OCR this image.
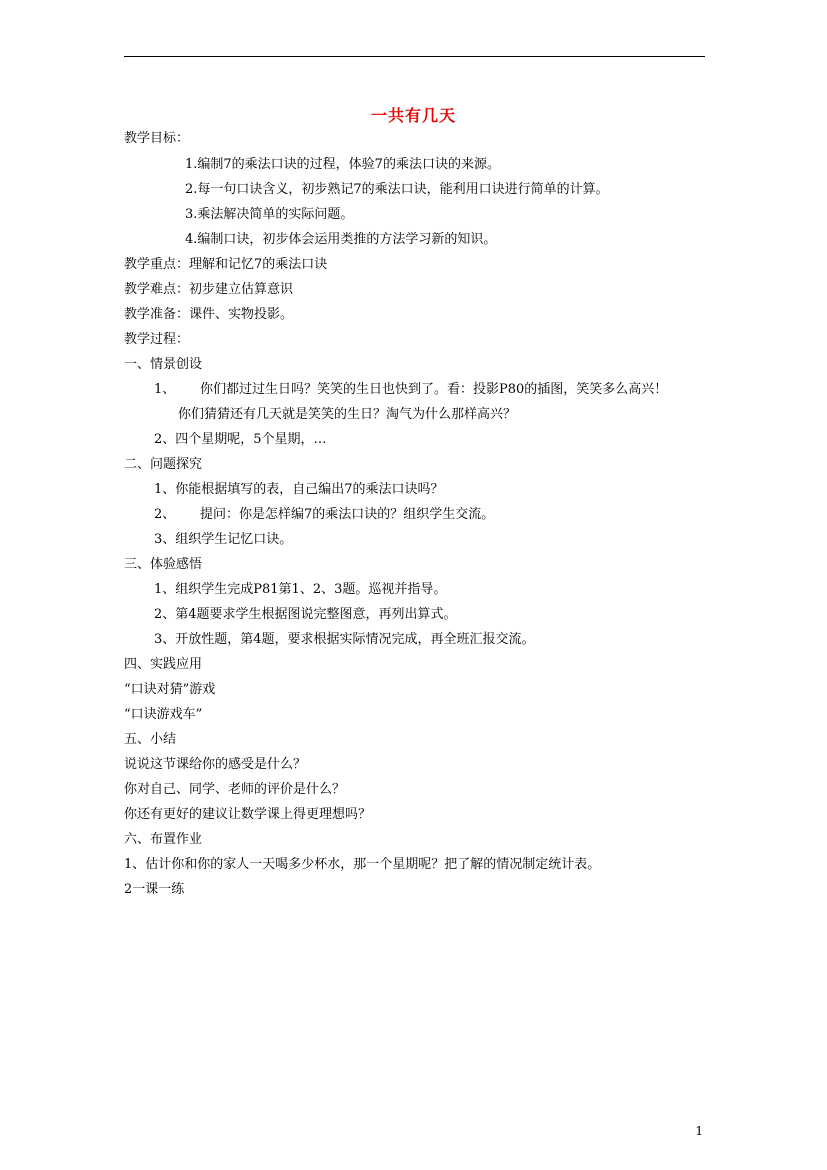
一共有几天
教学目标：
1.编制7的乘法口诀的过程，体验7的乘法口诀的来源。
2.每一句口诀含义，初步熟记7的乘法口诀，能利用口诀进行简单的计算。
3.乘法解决简单的实际问题。
4.编制口诀，初步体会运用类推的方法学习新的知识。
教学重点：理解和记忆7的乘法口诀
教学难点：初步建立估算意识
教学准备：课件、实物投影。
教学过程：
一、情景创设
1、 你们都过过生日吗？笑笑的生日也快到了。看：投影P80的插图，笑笑多么高兴！
你们猜猜还有几天就是笑笑的生日？淘气为什么那样高兴？
2、四个星期呢，5个星期，…
二、问题探究
1、你能根据填写的表，自己编出7的乘法口诀吗？
2、 提问：你是怎样编7的乘法口诀的？组织学生交流。
3、组织学生记忆口诀。
三、体验感悟
1、组织学生完成P81第1、2、3题。巡视并指导。
2、第4题要求学生根据图说完整图意，再列出算式。
3、开放性题，第4题，要求根据实际情况完成，再全班汇报交流。
四、实践应用
“口诀对猜”游戏
“口诀游戏车”
五、小结
说说这节课给你的感受是什么？
你对自己、同学、老师的评价是什么？
你还有更好的建议让数学课上得更理想吗？
六、布置作业
1、估计你和你的家人一天喝多少杯水，那一个星期呢？把了解的情况制定统计表。
2一课一练
1
